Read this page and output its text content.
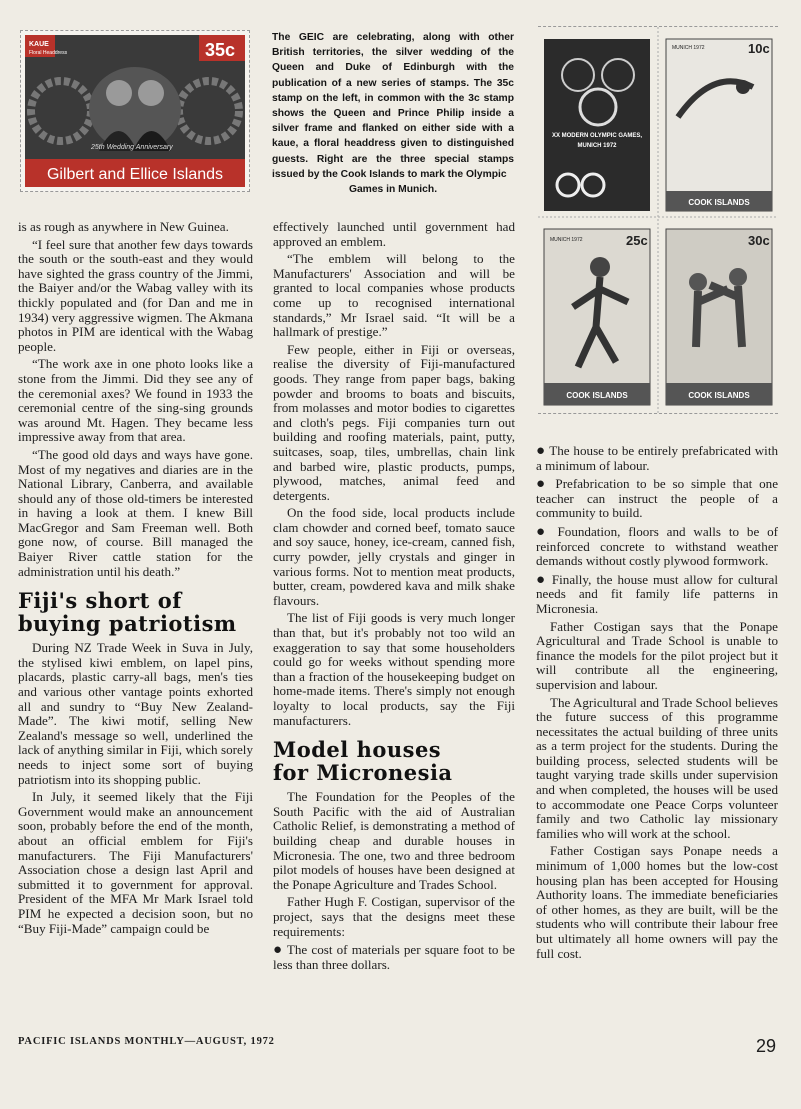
KAUE
Floral Headdress	35c
25th Wedding Anniversary
Gilbert and Ellice Islands
The GEIC are celebrating, along with other British territories, the silver wedding of the Queen and Duke of Edinburgh with the publication of a new series of stamps. The 35c stamp on the left, in common with the 3c stamp shows the Queen and Prince Philip inside a silver frame and flanked on either side with a kaue, a floral headdress given to distinguished guests. Right are the three special stamps issued by the Cook Islands to mark the Olympic
Games in Munich.
XX MODERN OLYMPIC GAMES,
MUNICH 1972
MUNICH 1972	10c
COOK ISLANDS
MUNICH 1972	25c
COOK ISLANDS
30c
COOK ISLANDS

is as rough as anywhere in New Guinea.

“I feel sure that another few days towards the south or the south-east and they would have sighted the grass country of the Jimmi, the Baiyer and/or the Wabag valley with its thickly populated and (for Dan and me in 1934) very aggressive wigmen. The Akmana photos in PIM are identical with the Wabag people.

“The work axe in one photo looks like a stone from the Jimmi. Did they see any of the ceremonial axes? We found in 1933 the ceremonial centre of the sing-sing grounds was around Mt. Hagen. They became less impressive away from that area.

“The good old days and ways have gone. Most of my negatives and diaries are in the National Library, Canberra, and available should any of those old-timers be interested in having a look at them. I knew Bill MacGregor and Sam Freeman well. Both gone now, of course. Bill managed the Baiyer River cattle station for the administration until his death.”

Fiji's short of
buying patriotism

During NZ Trade Week in Suva in July, the stylised kiwi emblem, on lapel pins, placards, plastic carry-all bags, men's ties and various other vantage points exhorted all and sundry to “Buy New Zealand-Made”. The kiwi motif, selling New Zealand's message so well, underlined the lack of anything similar in Fiji, which sorely needs to inject some sort of buying patriotism into its shopping public.

In July, it seemed likely that the Fiji Government would make an announcement soon, probably before the end of the month, about an official emblem for Fiji's manufacturers. The Fiji Manufacturers' Association chose a design last April and submitted it to government for approval. President of the MFA Mr Mark Israel told PIM he expected a decision soon, but no “Buy Fiji-Made” campaign could be

effectively launched until government had approved an emblem.

“The emblem will belong to the Manufacturers' Association and will be granted to local companies whose products come up to recognised international standards,” Mr Israel said. “It will be a hallmark of prestige.”

Few people, either in Fiji or overseas, realise the diversity of Fiji-manufactured goods. They range from paper bags, baking powder and brooms to boats and biscuits, from molasses and motor bodies to cigarettes and cloth's pegs. Fiji companies turn out building and roofing materials, paint, putty, suitcases, soap, tiles, umbrellas, chain link and barbed wire, plastic products, pumps, plywood, matches, animal feed and detergents.

On the food side, local products include clam chowder and corned beef, tomato sauce and soy sauce, honey, ice-cream, canned fish, curry powder, jelly crystals and ginger in various forms. Not to mention meat products, butter, cream, powdered kava and milk shake flavours.

The list of Fiji goods is very much longer than that, but it's probably not too wild an exaggeration to say that some householders could go for weeks without spending more than a fraction of the housekeeping budget on home-made items. There's simply not enough loyalty to local products, say the Fiji manufacturers.

Model houses
for Micronesia

The Foundation for the Peoples of the South Pacific with the aid of Australian Catholic Relief, is demonstrating a method of building cheap and durable houses in Micronesia. The one, two and three bedroom pilot models of houses have been designed at the Ponape Agriculture and Trades School.

Father Hugh F. Costigan, supervisor of the project, says that the designs meet these requirements:

● The cost of materials per square foot to be less than three dollars.

● The house to be entirely prefabricated with a minimum of labour.

● Prefabrication to be so simple that one teacher can instruct the people of a community to build.

● Foundation, floors and walls to be of reinforced concrete to withstand weather demands without costly plywood formwork.

● Finally, the house must allow for cultural needs and fit family life patterns in Micronesia.

Father Costigan says that the Ponape Agricultural and Trade School is unable to finance the models for the pilot project but it will contribute all the engineering, supervision and labour.

The Agricultural and Trade School believes the future success of this programme necessitates the actual building of three units as a term project for the students. During the building process, selected students will be taught varying trade skills under supervision and when completed, the houses will be used to accommodate one Peace Corps volunteer family and two Catholic lay missionary families who will work at the school.

Father Costigan says Ponape needs a minimum of 1,000 homes but the low-cost housing plan has been accepted for Housing Authority loans. The immediate beneficiaries of other homes, as they are built, will be the students who will contribute their labour free but ultimately all home owners will pay the full cost.

PACIFIC ISLANDS MONTHLY—AUGUST, 1972	29
